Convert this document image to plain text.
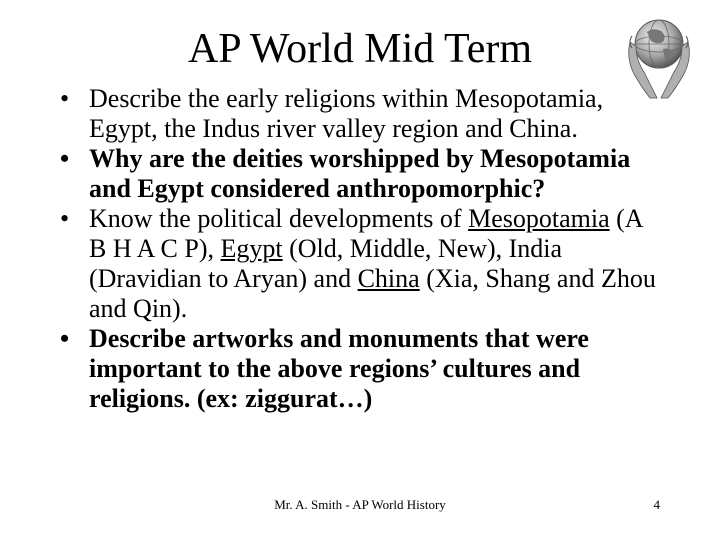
AP World Mid Term
• Describe the early religions within Mesopotamia, Egypt, the Indus river valley region and China.
• Why are the deities worshipped by Mesopotamia and Egypt considered anthropomorphic?
• Know the political developments of Mesopotamia (A B H A C P), Egypt (Old, Middle, New), India (Dravidian to Aryan) and China (Xia, Shang and Zhou and Qin).
• Describe artworks and monuments that were important to the above regions’ cultures and religions. (ex: ziggurat…)
Mr. A. Smith - AP World History	4
